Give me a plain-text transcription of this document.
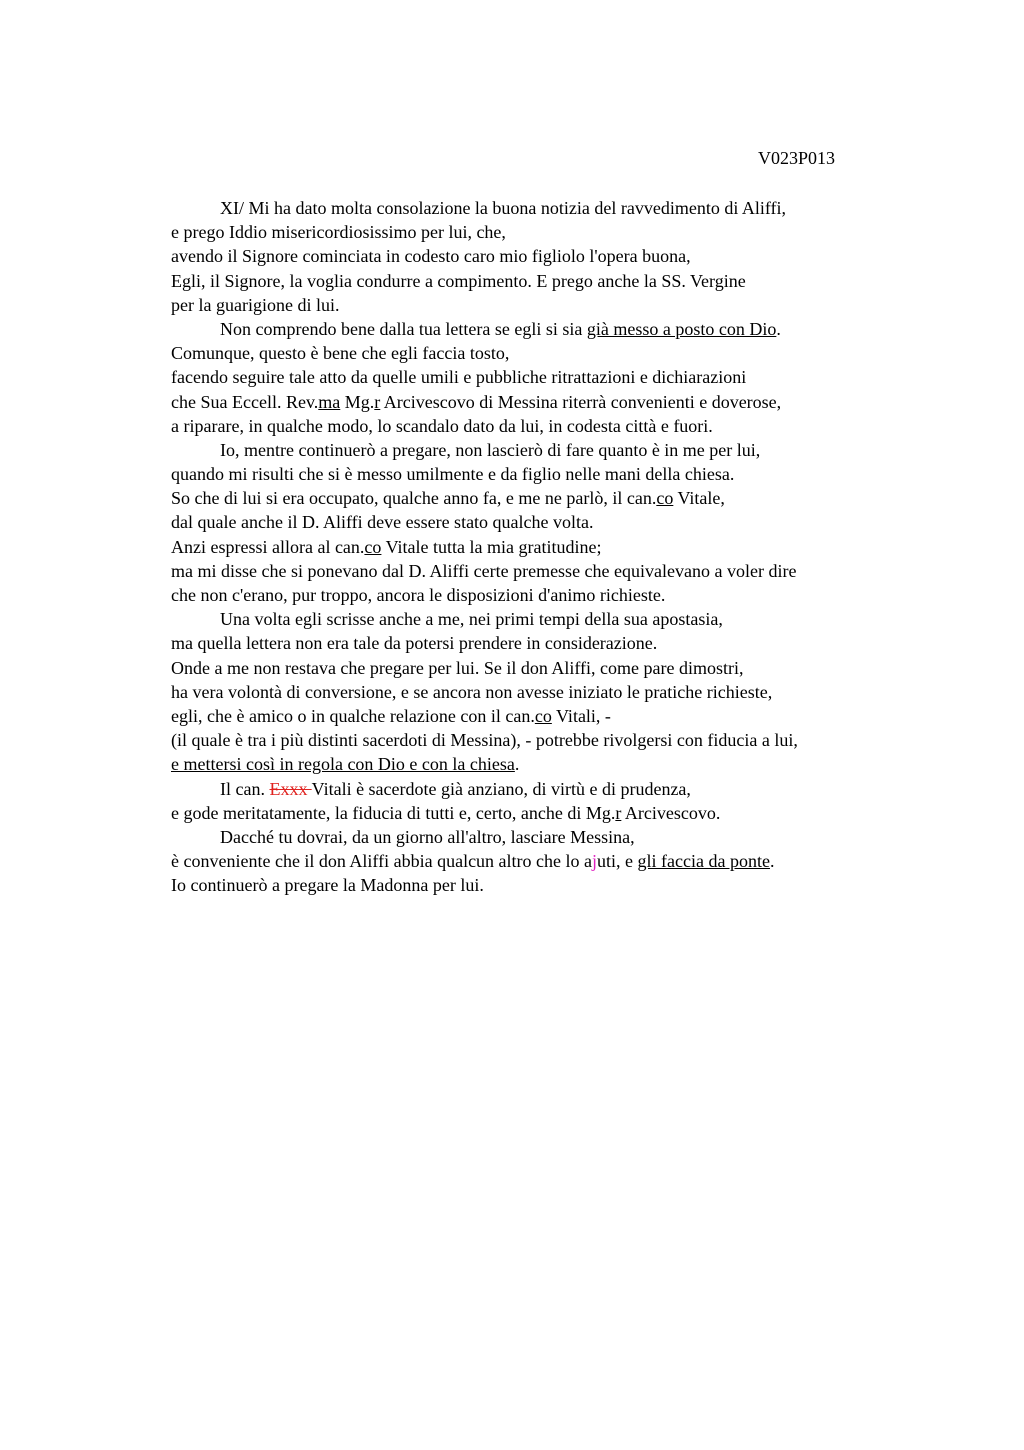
V023P013
XI/ Mi ha dato molta consolazione la buona notizia del ravvedimento di Aliffi,
e prego Iddio misericordiosissimo per lui, che,
avendo il Signore cominciata in codesto caro mio figliolo l'opera buona,
Egli, il Signore, la voglia condurre a compimento. E prego anche la SS. Vergine
per la guarigione di lui.
Non comprendo bene dalla tua lettera se egli si sia già messo a posto con Dio.
Comunque, questo è bene che egli faccia tosto,
facendo seguire tale atto da quelle umili e pubbliche ritrattazioni e dichiarazioni
che Sua Eccell. Rev.ma Mg.r Arcivescovo di Messina riterrà convenienti e doverose,
a riparare, in qualche modo, lo scandalo dato da lui, in codesta città e fuori.
Io, mentre continuerò a pregare, non lascierò di fare quanto è in me per lui,
quando mi risulti che si è messo umilmente e da figlio nelle mani della chiesa.
So che di lui si era occupato, qualche anno fa, e me ne parlò, il can.co Vitale,
dal quale anche il D. Aliffi deve essere stato qualche volta.
Anzi espressi allora al can.co Vitale tutta la mia gratitudine;
ma mi disse che si ponevano dal D. Aliffi certe premesse che equivalevano a voler dire
che non c'erano, pur troppo, ancora le disposizioni d'animo richieste.
Una volta egli scrisse anche a me, nei primi tempi della sua apostasia,
ma quella lettera non era tale da potersi prendere in considerazione.
Onde a me non restava che pregare per lui. Se il don Aliffi, come pare dimostri,
ha vera volontà di conversione, e se ancora non avesse iniziato le pratiche richieste,
egli, che è amico o in qualche relazione con il can.co Vitali, -
(il quale è tra i più distinti sacerdoti di Messina), - potrebbe rivolgersi con fiducia a lui,
e mettersi così in regola con Dio e con la chiesa.
Il can. Exxx Vitali è sacerdote già anziano, di virtù e di prudenza,
e gode meritatamente, la fiducia di tutti e, certo, anche di Mg.r Arcivescovo.
Dacché tu dovrai, da un giorno all'altro, lasciare Messina,
è conveniente che il don Aliffi abbia qualcun altro che lo ajuti, e gli faccia da ponte.
Io continuerò a pregare la Madonna per lui.
